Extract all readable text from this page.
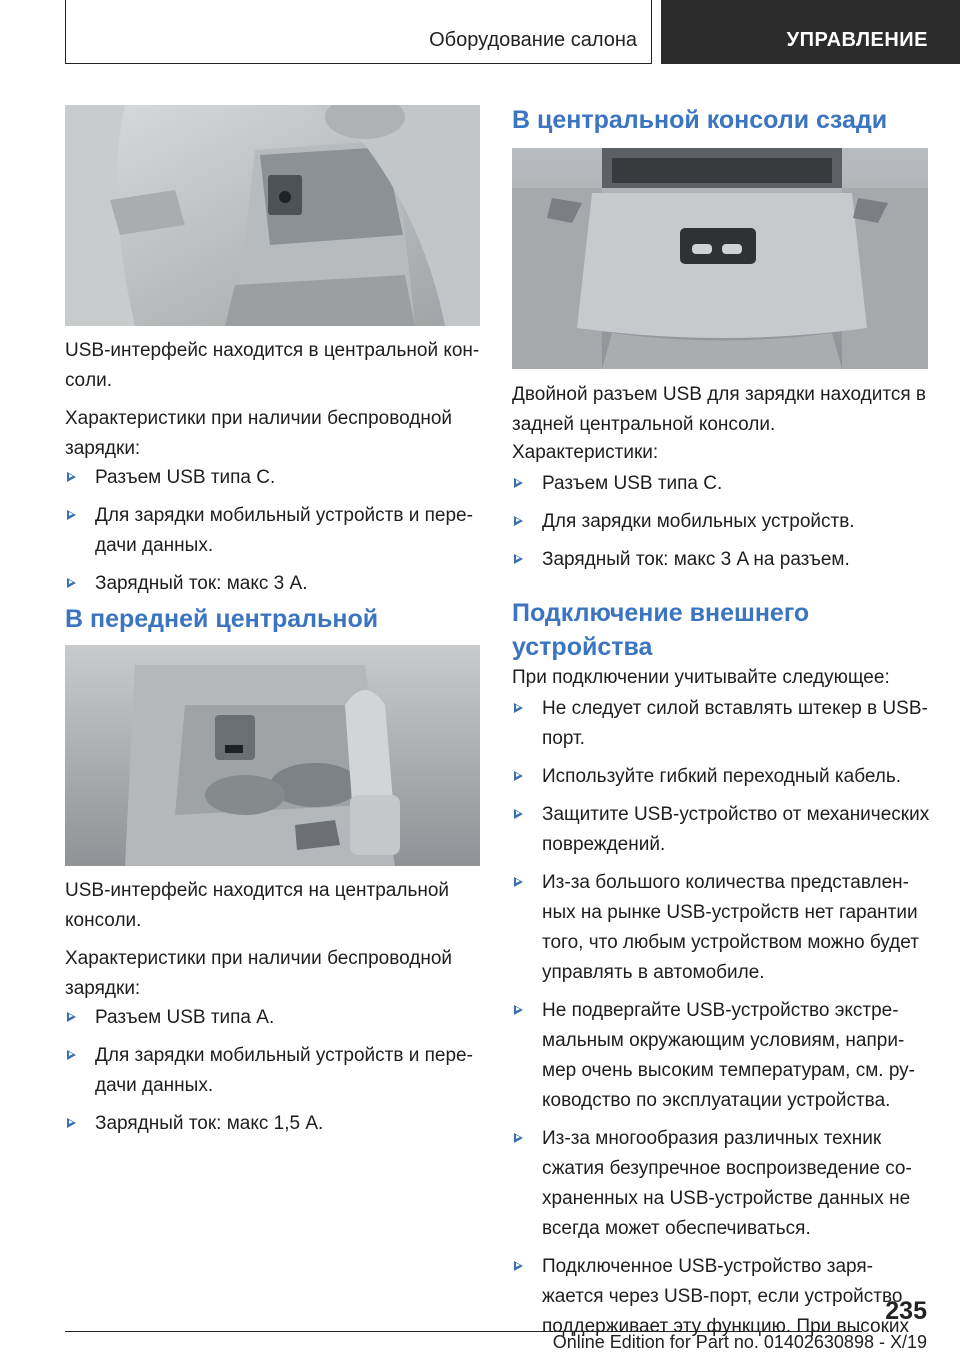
Оборудование салона	УПРАВЛЕНИЕ

USB-интерфейс находится в центральной кон-сoли.

Характеристики при наличии беспроводной зарядки:

Разъем USB типа C.
Для зарядки мобильный устройств и пере-дачи данных.
Зарядный ток: макс 3 A.
В передней центральной

USB-интерфейс находится на центральной консоли.

Характеристики при наличии беспроводной зарядки:

Разъем USB типа A.
Для зарядки мобильный устройств и пере-дачи данных.
Зарядный ток: макс 1,5 A.
В центральной консоли сзади

Двойной разъем USB для зарядки находится в задней центральной консоли.

Характеристики:

Разъем USB типа C.
Для зарядки мобильных устройств.
Зарядный ток: макс 3 A на разъем.
Подключение внешнего устройства

При подключении учитывайте следующее:

Не следует силой вставлять штекер в USB-порт.
Используйте гибкий переходный кабель.
Защитите USB-устройство от механических повреждений.
Из-за большого количества представлен-ных на рынке USB-устройств нет гарантии того, что любым устройством можно будет управлять в автомобиле.
Не подвергайте USB-устройство экстре-мальным окружающим условиям, напри-мер очень высоким температурам, см. ру-ководство по эксплуатации устройства.
Из-за многообразия различных техник сжатия безупречное воспроизведение со-храненных на USB-устройстве данных не всегда может обеспечиваться.
Подключенное USB-устройство заря-жается через USB-порт, если устройство поддерживает эту функцию. При высоких
235
Online Edition for Part no. 01402630898 - X/19
